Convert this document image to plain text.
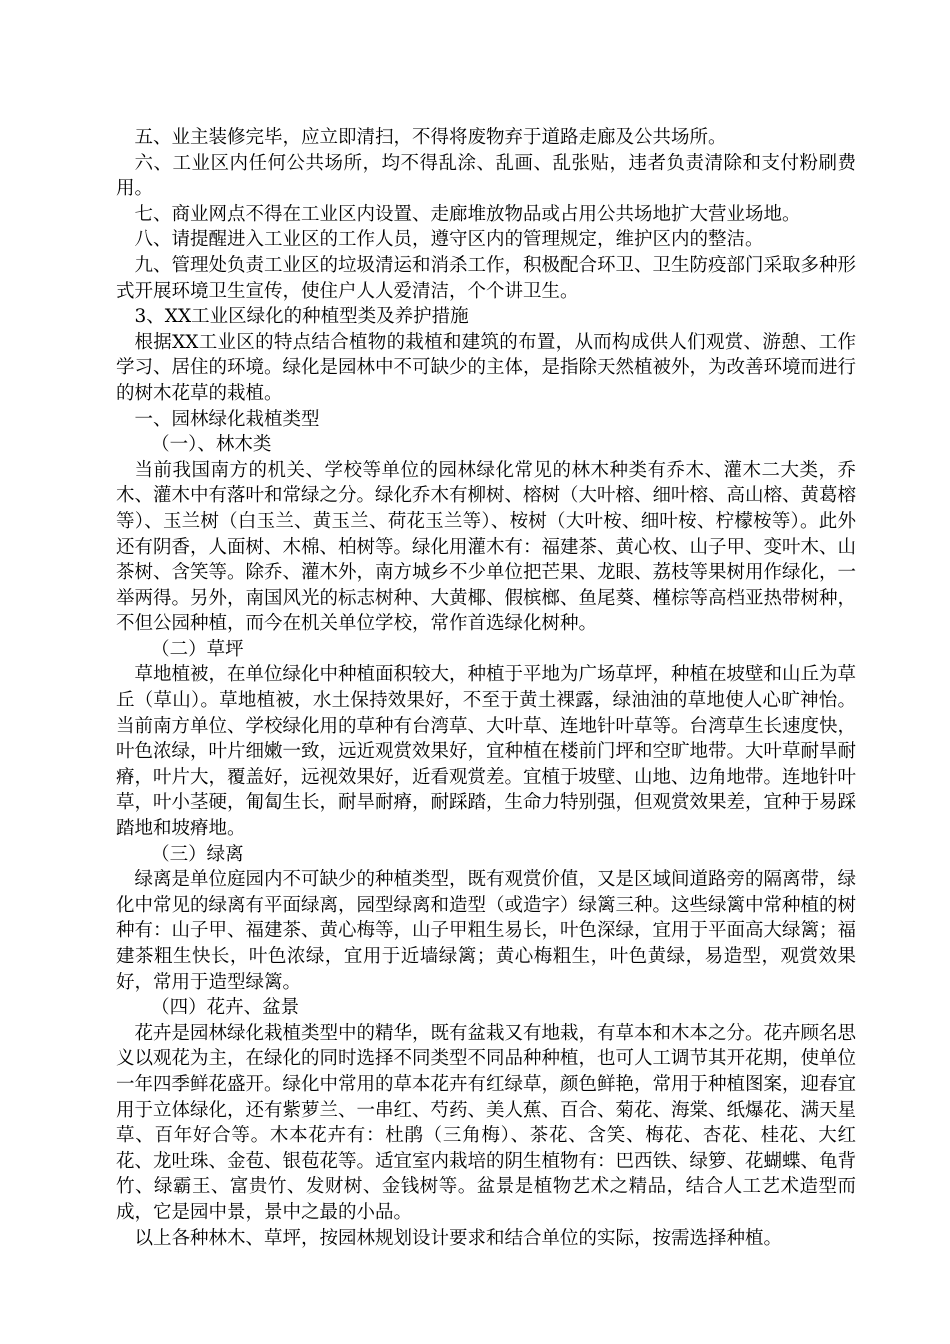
五、业主装修完毕，应立即清扫，不得将废物弃于道路走廊及公共场所。

六、工业区内任何公共场所，均不得乱涂、乱画、乱张贴，违者负责清除和支付粉刷费用。

七、商业网点不得在工业区内设置、走廊堆放物品或占用公共场地扩大营业场地。

八、请提醒进入工业区的工作人员，遵守区内的管理规定，维护区内的整洁。

九、管理处负责工业区的垃圾清运和消杀工作，积极配合环卫、卫生防疫部门采取多种形式开展环境卫生宣传，使住户人人爱清洁，个个讲卫生。

3、XX工业区绿化的种植型类及养护措施

根据XX工业区的特点结合植物的栽植和建筑的布置，从而构成供人们观赏、游憩、工作学习、居住的环境。绿化是园林中不可缺少的主体，是指除天然植被外，为改善环境而进行的树木花草的栽植。

一、园林绿化栽植类型

（一）、林木类

当前我国南方的机关、学校等单位的园林绿化常见的林木种类有乔木、灌木二大类，乔木、灌木中有落叶和常绿之分。绿化乔木有柳树、榕树（大叶榕、细叶榕、高山榕、黄葛榕等）、玉兰树（白玉兰、黄玉兰、荷花玉兰等）、桉树（大叶桉、细叶桉、柠檬桉等）。此外还有阴香，人面树、木棉、柏树等。绿化用灌木有：福建茶、黄心枚、山子甲、变叶木、山茶树、含笑等。除乔、灌木外，南方城乡不少单位把芒果、龙眼、荔枝等果树用作绿化，一举两得。另外，南国风光的标志树种、大黄椰、假槟榔、鱼尾葵、槿棕等高档亚热带树种，不但公园种植，而今在机关单位学校，常作首选绿化树种。

（二）草坪

草地植被，在单位绿化中种植面积较大，种植于平地为广场草坪，种植在坡壁和山丘为草丘（草山）。草地植被，水土保持效果好，不至于黄土裸露，绿油油的草地使人心旷神怡。当前南方单位、学校绿化用的草种有台湾草、大叶草、连地针叶草等。台湾草生长速度快，叶色浓绿，叶片细嫩一致，远近观赏效果好，宜种植在楼前门坪和空旷地带。大叶草耐旱耐瘠，叶片大，覆盖好，远视效果好，近看观赏差。宜植于坡壁、山地、边角地带。连地针叶草，叶小茎硬，匍匐生长，耐旱耐瘠，耐踩踏，生命力特别强，但观赏效果差，宜种于易踩踏地和坡瘠地。

（三）绿离

绿离是单位庭园内不可缺少的种植类型，既有观赏价值，又是区域间道路旁的隔离带，绿化中常见的绿离有平面绿离，园型绿离和造型（或造字）绿篱三种。这些绿篱中常种植的树种有：山子甲、福建茶、黄心梅等，山子甲粗生易长，叶色深绿，宜用于平面高大绿篱；福建茶粗生快长，叶色浓绿，宜用于近墙绿篱；黄心梅粗生，叶色黄绿，易造型，观赏效果好，常用于造型绿篱。

（四）花卉、盆景

花卉是园林绿化栽植类型中的精华，既有盆栽又有地栽，有草本和木本之分。花卉顾名思义以观花为主，在绿化的同时选择不同类型不同品种种植，也可人工调节其开花期，使单位一年四季鲜花盛开。绿化中常用的草本花卉有红绿草，颜色鲜艳，常用于种植图案，迎春宜用于立体绿化，还有紫萝兰、一串红、芍药、美人蕉、百合、菊花、海棠、纸爆花、满天星草、百年好合等。木本花卉有：杜鹃（三角梅）、茶花、含笑、梅花、杏花、桂花、大红花、龙吐珠、金苞、银苞花等。适宜室内栽培的阴生植物有：巴西铁、绿箩、花蝴蝶、龟背竹、绿霸王、富贵竹、发财树、金钱树等。盆景是植物艺术之精品，结合人工艺术造型而成，它是园中景，景中之最的小品。

以上各种林木、草坪，按园林规划设计要求和结合单位的实际，按需选择种植。
